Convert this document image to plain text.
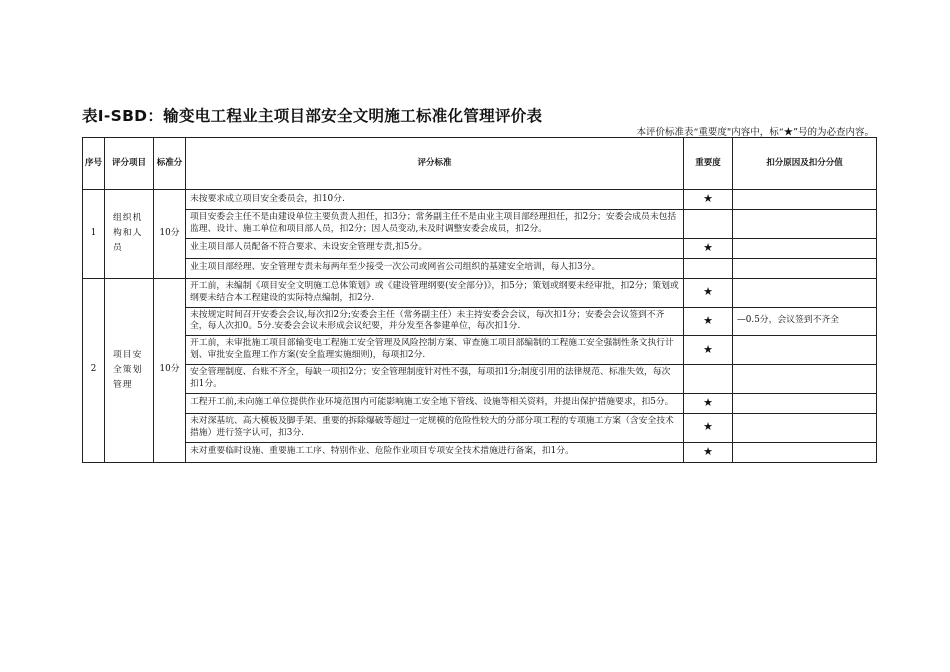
表Ⅰ-SBD：输变电工程业主项目部安全文明施工标准化管理评价表
本评价标准表“重要度"内容中，标“★”号的为必查内容。
序号	评分项目	标准分	评分标准	重要度	扣分原因及扣分分值
1	组织机构和人员	10分	未按要求成立项目安全委员会，扣10分.	★	
			项目安委会主任不是由建设单位主要负责人担任，扣3分；常务副主任不是由业主项目部经理担任，扣2分；安委会成员未包括监理、设计、施工单位和项目部人员，扣2分；因人员变动,未及时调整安委会成员，扣2分。		
			业主项目部人员配备不符合要求、未设安全管理专责,扣5分。	★	
			业主项目部经理、安全管理专责未每两年至少接受一次公司或网省公司组织的基建安全培训，每人扣3分。		
2	项目安全策划管理	10分	开工前，未编制《项目安全文明施工总体策划》或《建设管理纲要(安全部分)》，扣5分；策划或纲要未经审批，扣2分；策划或纲要未结合本工程建设的实际特点编制，扣2分.	★	
			未按规定时间召开安委会会议,每次扣2分;安委会主任（常务副主任）未主持安委会会议，每次扣1分；安委会会议签到不齐全，每人次扣0。5分.安委会会议未形成会议纪要，并分发至各参建单位，每次扣1分.	★	—0.5分，会议签到不齐全
			开工前，未审批施工项目部输变电工程施工安全管理及风险控制方案、审查施工项目部编制的工程施工安全强制性条文执行计划、审批安全监理工作方案(安全监理实施细则)，每项扣2分.	★	
			安全管理制度、台账不齐全，每缺一项扣2分；安全管理制度针对性不强，每项扣1分;制度引用的法律规范、标准失效，每次扣1分。		
			工程开工前,未向施工单位提供作业环境范围内可能影响施工安全地下管线、设施等相关资料，并提出保护措施要求，扣5分。	★	
			未对深基坑、高大模板及脚手架、重要的拆除爆破等超过一定规模的危险性较大的分部分项工程的专项施工方案（含安全技术措施）进行签字认可，扣3分.	★	
			未对重要临时设施、重要施工工序、特别作业、危险作业项目专项安全技术措施进行备案，扣1分。	★	
